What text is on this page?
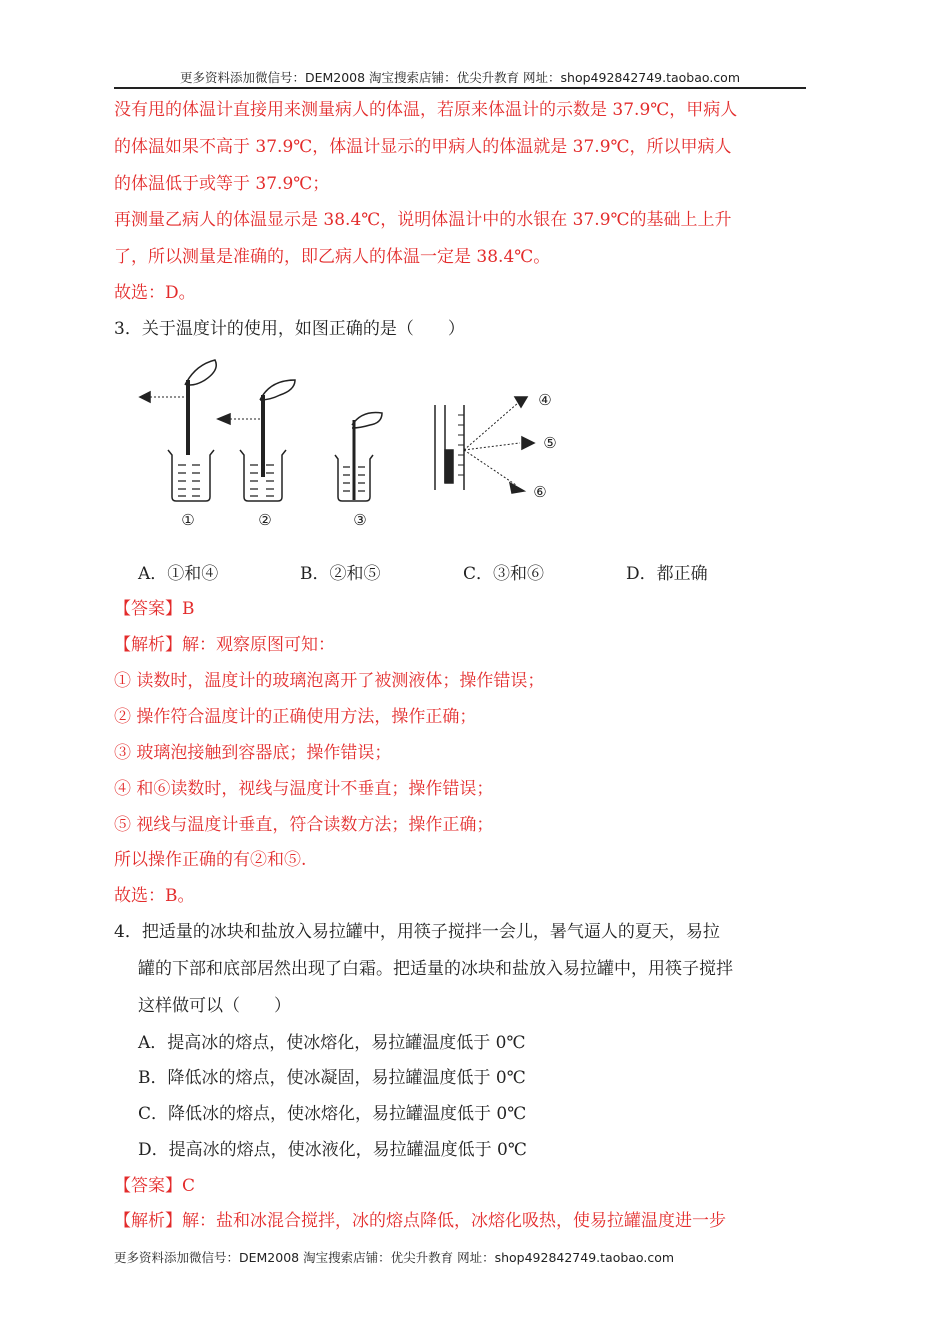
更多资料添加微信号：DEM2008 淘宝搜索店铺：优尖升教育 网址：shop492842749.taobao.com
没有甩的体温计直接用来测量病人的体温，若原来体温计的示数是 37.9℃，甲病人
的体温如果不高于 37.9℃，体温计显示的甲病人的体温就是 37.9℃，所以甲病人
的体温低于或等于 37.9℃；
再测量乙病人的体温显示是 38.4℃，说明体温计中的水银在 37.9℃的基础上上升
了，所以测量是准确的，即乙病人的体温一定是 38.4℃。
故选：D。
3．关于温度计的使用，如图正确的是（　　）
①	②	③
④
⑤
⑥
A．①和④	B．②和⑤	C．③和⑥	D．都正确
【答案】B
【解析】解：观察原图可知：
① 读数时，温度计的玻璃泡离开了被测液体；操作错误；
② 操作符合温度计的正确使用方法，操作正确；
③ 玻璃泡接触到容器底；操作错误；
④ 和⑥读数时，视线与温度计不垂直；操作错误；
⑤ 视线与温度计垂直，符合读数方法；操作正确；
所以操作正确的有②和⑤.
故选：B。
4．把适量的冰块和盐放入易拉罐中，用筷子搅拌一会儿，暑气逼人的夏天，易拉
罐的下部和底部居然出现了白霜。把适量的冰块和盐放入易拉罐中，用筷子搅拌
这样做可以（　　）
A．提高冰的熔点，使冰熔化，易拉罐温度低于 0℃
B．降低冰的熔点，使冰凝固，易拉罐温度低于 0℃
C．降低冰的熔点，使冰熔化，易拉罐温度低于 0℃
D．提高冰的熔点，使冰液化，易拉罐温度低于 0℃
【答案】C
【解析】解：盐和冰混合搅拌，冰的熔点降低，冰熔化吸热，使易拉罐温度进一步
更多资料添加微信号：DEM2008 淘宝搜索店铺：优尖升教育 网址：shop492842749.taobao.com
